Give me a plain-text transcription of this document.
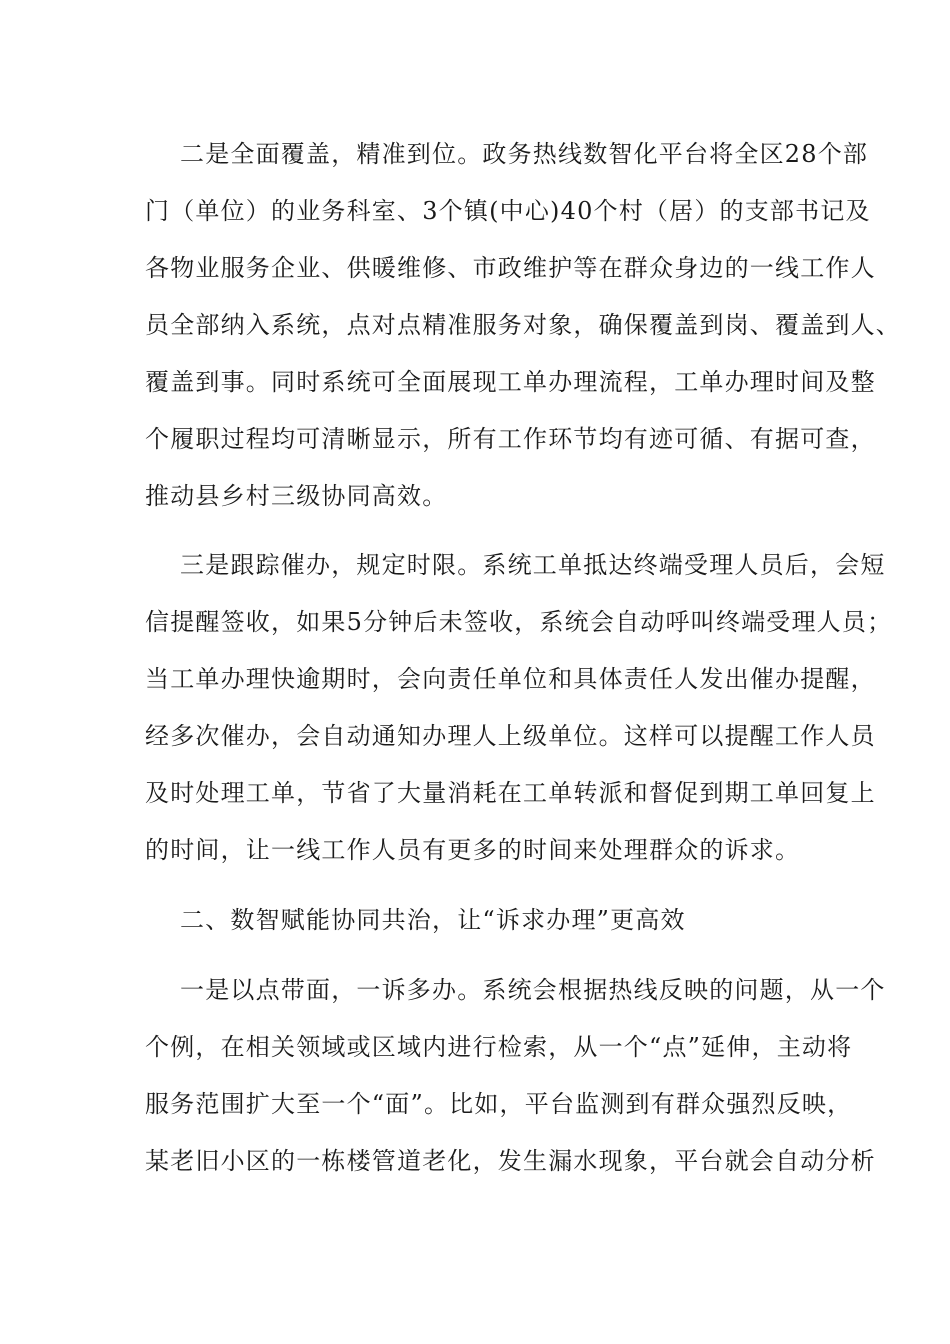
二是全面覆盖，精准到位。政务热线数智化平台将全区28个部
门（单位）的业务科室、3个镇(中心)40个村（居）的支部书记及
各物业服务企业、供暖维修、市政维护等在群众身边的一线工作人
员全部纳入系统，点对点精准服务对象，确保覆盖到岗、覆盖到人、
覆盖到事。同时系统可全面展现工单办理流程，工单办理时间及整
个履职过程均可清晰显示，所有工作环节均有迹可循、有据可查，
推动县乡村三级协同高效。
三是跟踪催办，规定时限。系统工单抵达终端受理人员后，会短
信提醒签收，如果5分钟后未签收，系统会自动呼叫终端受理人员；
当工单办理快逾期时，会向责任单位和具体责任人发出催办提醒，
经多次催办，会自动通知办理人上级单位。这样可以提醒工作人员
及时处理工单，节省了大量消耗在工单转派和督促到期工单回复上
的时间，让一线工作人员有更多的时间来处理群众的诉求。
二、数智赋能协同共治，让“诉求办理”更高效
一是以点带面，一诉多办。系统会根据热线反映的问题，从一个
个例，在相关领域或区域内进行检索，从一个“点”延伸，主动将
服务范围扩大至一个“面”。比如，平台监测到有群众强烈反映，
某老旧小区的一栋楼管道老化，发生漏水现象，平台就会自动分析
